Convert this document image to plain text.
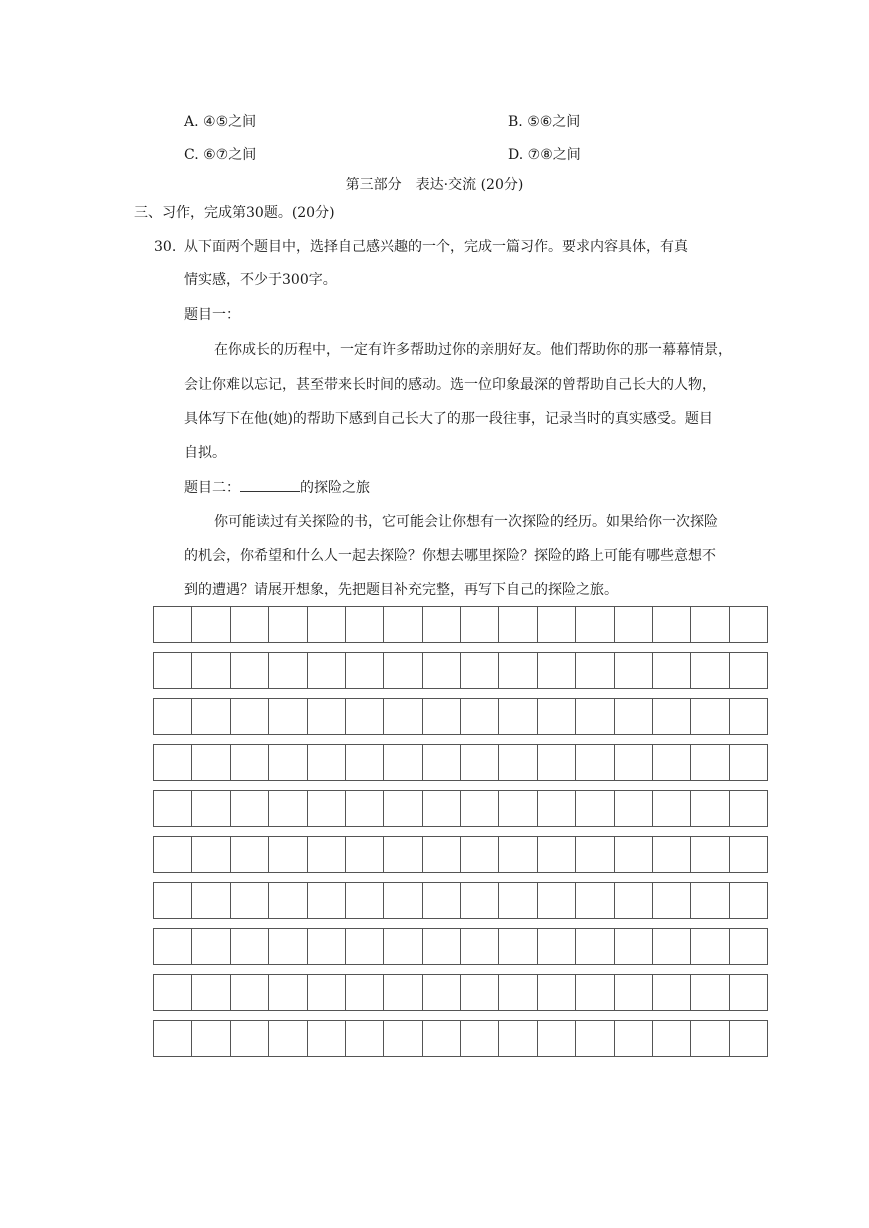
A. ④⑤之间	B. ⑤⑥之间
C. ⑥⑦之间	D. ⑦⑧之间
第三部分　表达·交流 (20分)
三、习作，完成第30题。(20分)
30. 从下面两个题目中，选择自己感兴趣的一个，完成一篇习作。要求内容具体，有真
情实感，不少于300字。
题目一：
在你成长的历程中，一定有许多帮助过你的亲朋好友。他们帮助你的那一幕幕情景，
会让你难以忘记，甚至带来长时间的感动。选一位印象最深的曾帮助自己长大的人物，
具体写下在他(她)的帮助下感到自己长大了的那一段往事，记录当时的真实感受。题目
自拟。
题目二：	的探险之旅
你可能读过有关探险的书，它可能会让你想有一次探险的经历。如果给你一次探险
的机会，你希望和什么人一起去探险？你想去哪里探险？探险的路上可能有哪些意想不
到的遭遇？请展开想象，先把题目补充完整，再写下自己的探险之旅。
